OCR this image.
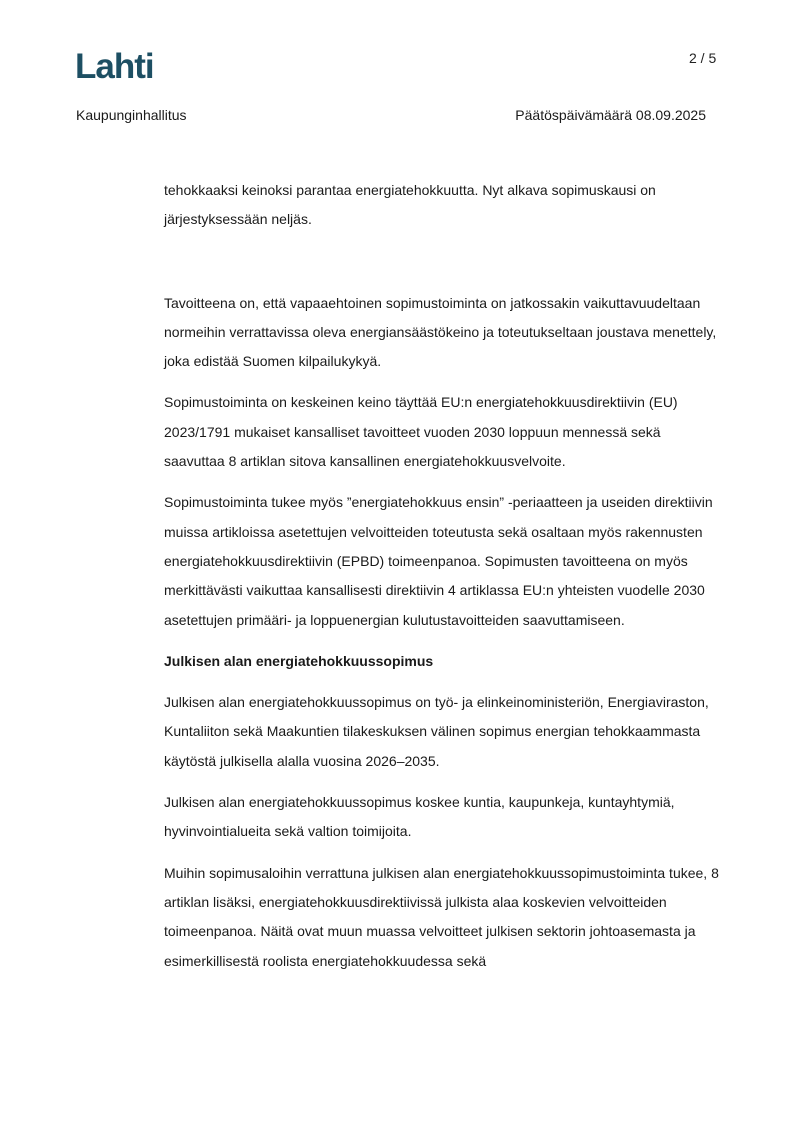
Lahti	2 / 5
Kaupunginhallitus	Päätöspäivämäärä 08.09.2025

tehokkaaksi keinoksi parantaa energiatehokkuutta. Nyt alkava sopimuskausi on järjestyksessään neljäs.

Tavoitteena on, että vapaaehtoinen sopimustoiminta on jatkossakin vaikuttavuudeltaan normeihin verrattavissa oleva energiansäästökeino ja toteutukseltaan joustava menettely, joka edistää Suomen kilpailukykyä.

Sopimustoiminta on keskeinen keino täyttää EU:n energiatehokkuusdirektiivin (EU) 2023/1791 mukaiset kansalliset tavoitteet vuoden 2030 loppuun mennessä sekä saavuttaa 8 artiklan sitova kansallinen energiatehokkuusvelvoite.

Sopimustoiminta tukee myös ”energiatehokkuus ensin” -periaatteen ja useiden direktiivin muissa artikloissa asetettujen velvoitteiden toteutusta sekä osaltaan myös rakennusten energiatehokkuusdirektiivin (EPBD) toimeenpanoa. Sopimusten tavoitteena on myös merkittävästi vaikuttaa kansallisesti direktiivin 4 artiklassa EU:n yhteisten vuodelle 2030 asetettujen primääri- ja loppuenergian kulutustavoitteiden saavuttamiseen.

Julkisen alan energiatehokkuussopimus

Julkisen alan energiatehokkuussopimus on työ- ja elinkeinoministeriön, Energiaviraston, Kuntaliiton sekä Maakuntien tilakeskuksen välinen sopimus energian tehokkaammasta käytöstä julkisella alalla vuosina 2026–2035.

Julkisen alan energiatehokkuussopimus koskee kuntia, kaupunkeja, kuntayhtymiä, hyvinvointialueita sekä valtion toimijoita.

Muihin sopimusaloihin verrattuna julkisen alan energiatehokkuussopimustoiminta tukee, 8 artiklan lisäksi, energiatehokkuusdirektiivissä julkista alaa koskevien velvoitteiden toimeenpanoa. Näitä ovat muun muassa velvoitteet julkisen sektorin johtoasemasta ja esimerkillisestä roolista energiatehokkuudessa sekä
